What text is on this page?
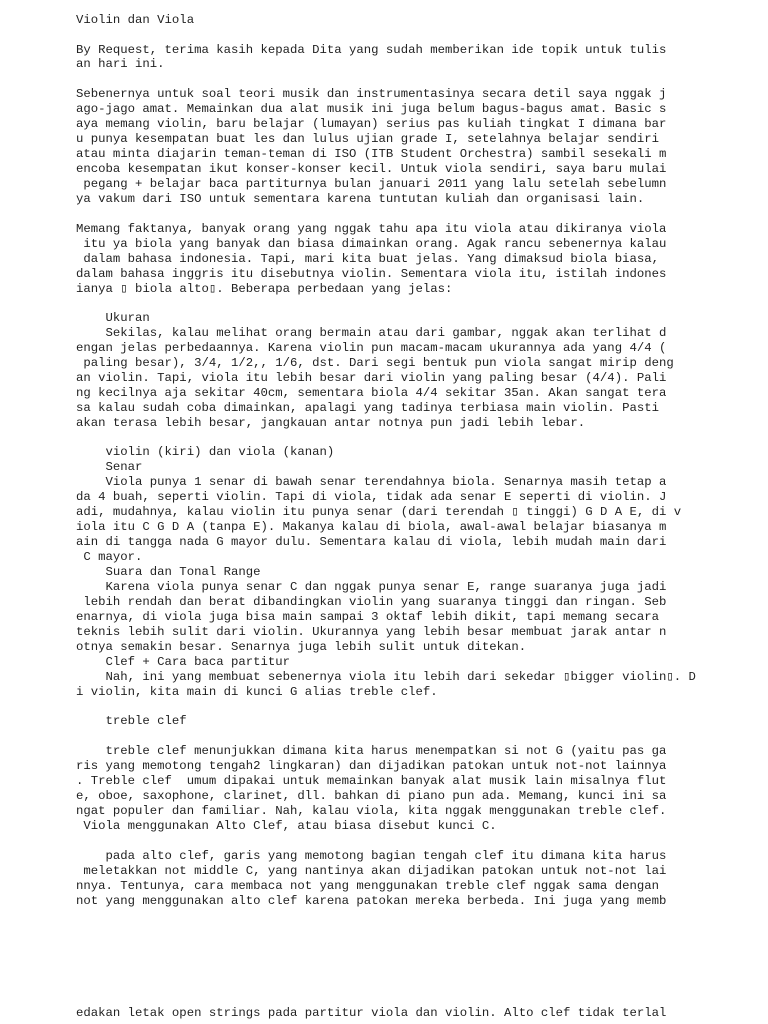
Violin dan Viola
By Request, terima kasih kepada Dita yang sudah memberikan ide topik untuk tulis
an hari ini.
Sebenernya untuk soal teori musik dan instrumentasinya secara detil saya nggak j
ago-jago amat. Memainkan dua alat musik ini juga belum bagus-bagus amat. Basic s
aya memang violin, baru belajar (lumayan) serius pas kuliah tingkat I dimana bar
u punya kesempatan buat les dan lulus ujian grade I, setelahnya belajar sendiri
atau minta diajarin teman-teman di ISO (ITB Student Orchestra) sambil sesekali m
encoba kesempatan ikut konser-konser kecil. Untuk viola sendiri, saya baru mulai
pegang + belajar baca partiturnya bulan januari 2011 yang lalu setelah sebelumn
ya vakum dari ISO untuk sementara karena tuntutan kuliah dan organisasi lain.
Memang faktanya, banyak orang yang nggak tahu apa itu viola atau dikiranya viola
itu ya biola yang banyak dan biasa dimainkan orang. Agak rancu sebenernya kalau
dalam bahasa indonesia. Tapi, mari kita buat jelas. Yang dimaksud biola biasa,
dalam bahasa inggris itu disebutnya violin. Sementara viola itu, istilah indones
ianya ▯ biola alto▯. Beberapa perbedaan yang jelas:
Ukuran
Sekilas, kalau melihat orang bermain atau dari gambar, nggak akan terlihat d
engan jelas perbedaannya. Karena violin pun macam-macam ukurannya ada yang 4/4 (
paling besar), 3/4, 1/2,, 1/6, dst. Dari segi bentuk pun viola sangat mirip deng
an violin. Tapi, viola itu lebih besar dari violin yang paling besar (4/4). Pali
ng kecilnya aja sekitar 40cm, sementara biola 4/4 sekitar 35an. Akan sangat tera
sa kalau sudah coba dimainkan, apalagi yang tadinya terbiasa main violin. Pasti
akan terasa lebih besar, jangkauan antar notnya pun jadi lebih lebar.
violin (kiri) dan viola (kanan)
Senar
Viola punya 1 senar di bawah senar terendahnya biola. Senarnya masih tetap a
da 4 buah, seperti violin. Tapi di viola, tidak ada senar E seperti di violin. J
adi, mudahnya, kalau violin itu punya senar (dari terendah ▯ tinggi) G D A E, di v
iola itu C G D A (tanpa E). Makanya kalau di biola, awal-awal belajar biasanya m
ain di tangga nada G mayor dulu. Sementara kalau di viola, lebih mudah main dari
C mayor.
Suara dan Tonal Range
Karena viola punya senar C dan nggak punya senar E, range suaranya juga jadi
lebih rendah dan berat dibandingkan violin yang suaranya tinggi dan ringan. Seb
enarnya, di viola juga bisa main sampai 3 oktaf lebih dikit, tapi memang secara
teknis lebih sulit dari violin. Ukurannya yang lebih besar membuat jarak antar n
otnya semakin besar. Senarnya juga lebih sulit untuk ditekan.
Clef + Cara baca partitur
Nah, ini yang membuat sebenernya viola itu lebih dari sekedar ▯bigger violin▯. D
i violin, kita main di kunci G alias treble clef.
treble clef
treble clef menunjukkan dimana kita harus menempatkan si not G (yaitu pas ga
ris yang memotong tengah2 lingkaran) dan dijadikan patokan untuk not-not lainnya
. Treble clef  umum dipakai untuk memainkan banyak alat musik lain misalnya flut
e, oboe, saxophone, clarinet, dll. bahkan di piano pun ada. Memang, kunci ini sa
ngat populer dan familiar. Nah, kalau viola, kita nggak menggunakan treble clef.
Viola menggunakan Alto Clef, atau biasa disebut kunci C.
pada alto clef, garis yang memotong bagian tengah clef itu dimana kita harus
meletakkan not middle C, yang nantinya akan dijadikan patokan untuk not-not lai
nnya. Tentunya, cara membaca not yang menggunakan treble clef nggak sama dengan
not yang menggunakan alto clef karena patokan mereka berbeda. Ini juga yang memb
edakan letak open strings pada partitur viola dan violin. Alto clef tidak terlal
